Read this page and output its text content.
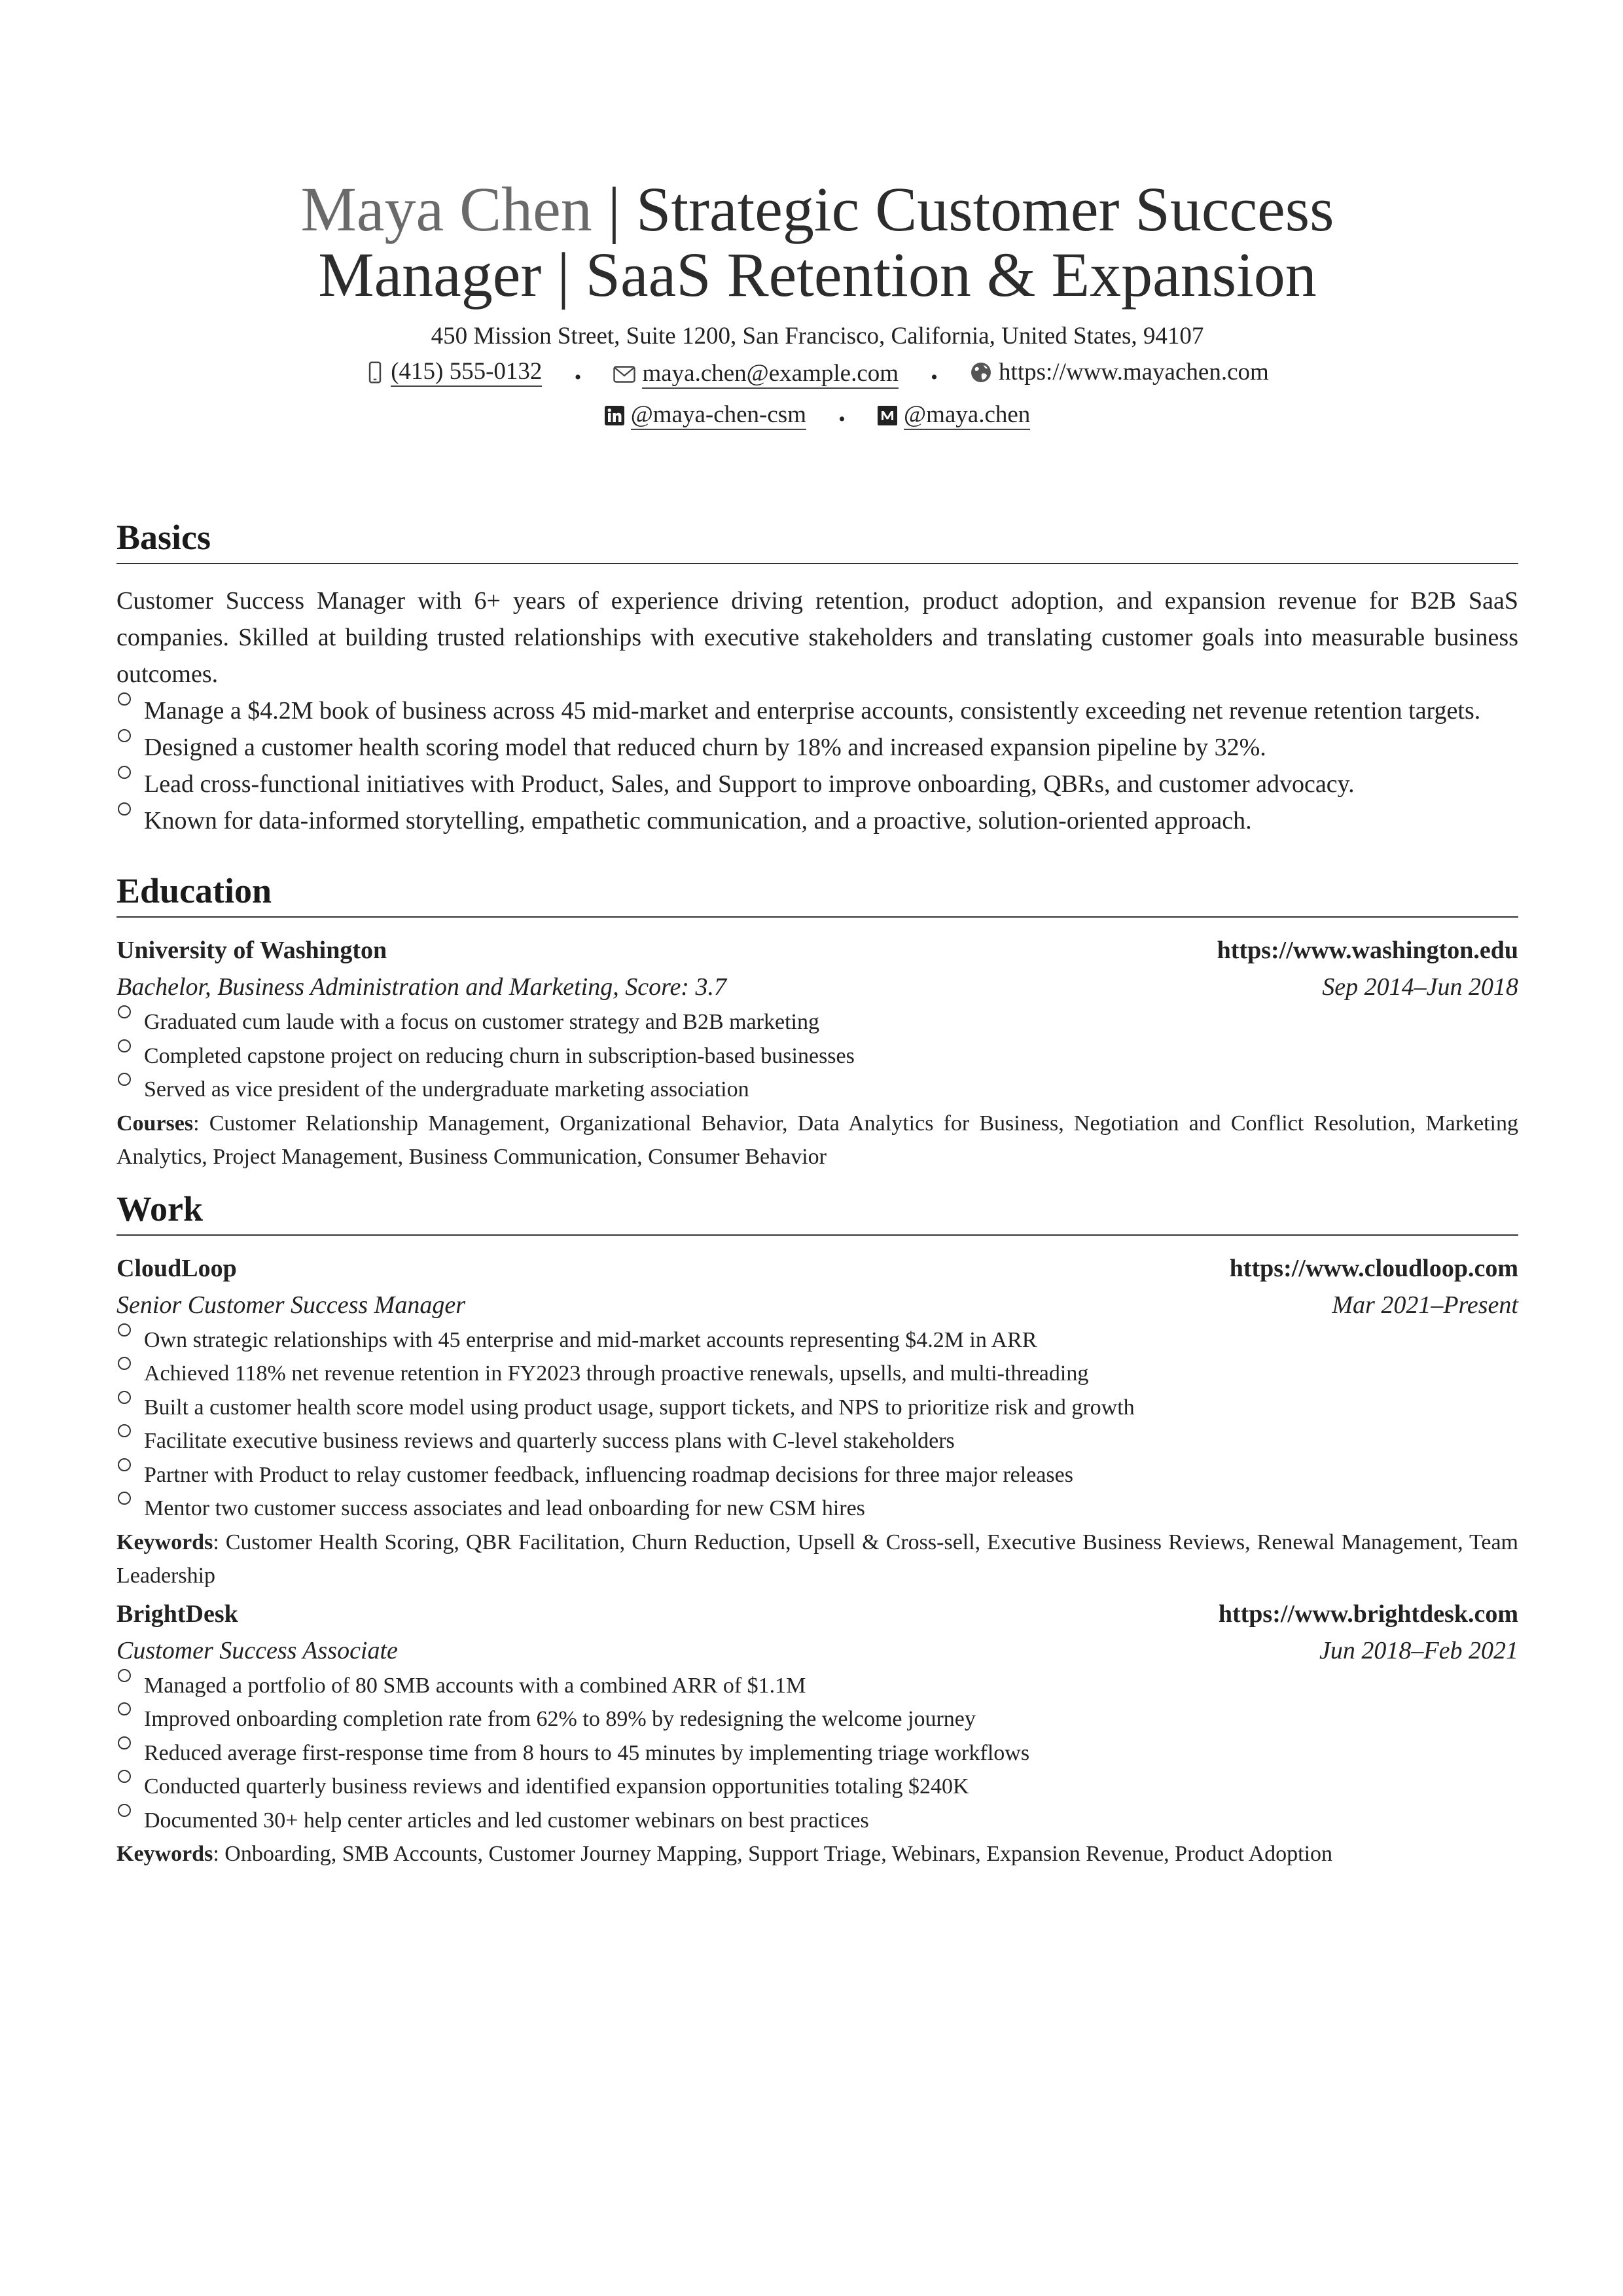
Maya Chen | Strategic Customer Success Manager | SaaS Retention & Expansion
450 Mission Street, Suite 1200, San Francisco, California, United States, 94107
(415) 555-0132 •	maya.chen@example.com •	https://www.mayachen.com
@maya-chen-csm • @maya.chen
Basics

Customer Success Manager with 6+ years of experience driving retention, product adoption, and expansion revenue for B2B SaaS companies. Skilled at building trusted relationships with executive stakeholders and translating customer goals into measurable business outcomes.

Manage a $4.2M book of business across 45 mid-market and enterprise accounts, consistently exceeding net revenue retention targets.
Designed a customer health scoring model that reduced churn by 18% and increased expansion pipeline by 32%.
Lead cross-functional initiatives with Product, Sales, and Support to improve onboarding, QBRs, and customer advocacy.
Known for data-informed storytelling, empathetic communication, and a proactive, solution-oriented approach.
Education
University of Washington	https://www.washington.edu
Bachelor, Business Administration and Marketing, Score: 3.7	Sep 2014–Jun 2018
Graduated cum laude with a focus on customer strategy and B2B marketing
Completed capstone project on reducing churn in subscription-based businesses
Served as vice president of the undergraduate marketing association
Courses: Customer Relationship Management, Organizational Behavior, Data Analytics for Business, Negotiation and Conflict Resolution, Marketing Analytics, Project Management, Business Communication, Consumer Behavior
Work
CloudLoop	https://www.cloudloop.com
Senior Customer Success Manager	Mar 2021–Present
Own strategic relationships with 45 enterprise and mid-market accounts representing $4.2M in ARR
Achieved 118% net revenue retention in FY2023 through proactive renewals, upsells, and multi-threading
Built a customer health score model using product usage, support tickets, and NPS to prioritize risk and growth
Facilitate executive business reviews and quarterly success plans with C-level stakeholders
Partner with Product to relay customer feedback, influencing roadmap decisions for three major releases
Mentor two customer success associates and lead onboarding for new CSM hires
Keywords: Customer Health Scoring, QBR Facilitation, Churn Reduction, Upsell & Cross-sell, Executive Business Reviews, Renewal Management, Team Leadership
BrightDesk	https://www.brightdesk.com
Customer Success Associate	Jun 2018–Feb 2021
Managed a portfolio of 80 SMB accounts with a combined ARR of $1.1M
Improved onboarding completion rate from 62% to 89% by redesigning the welcome journey
Reduced average first-response time from 8 hours to 45 minutes by implementing triage workflows
Conducted quarterly business reviews and identified expansion opportunities totaling $240K
Documented 30+ help center articles and led customer webinars on best practices
Keywords: Onboarding, SMB Accounts, Customer Journey Mapping, Support Triage, Webinars, Expansion Revenue, Product Adoption
